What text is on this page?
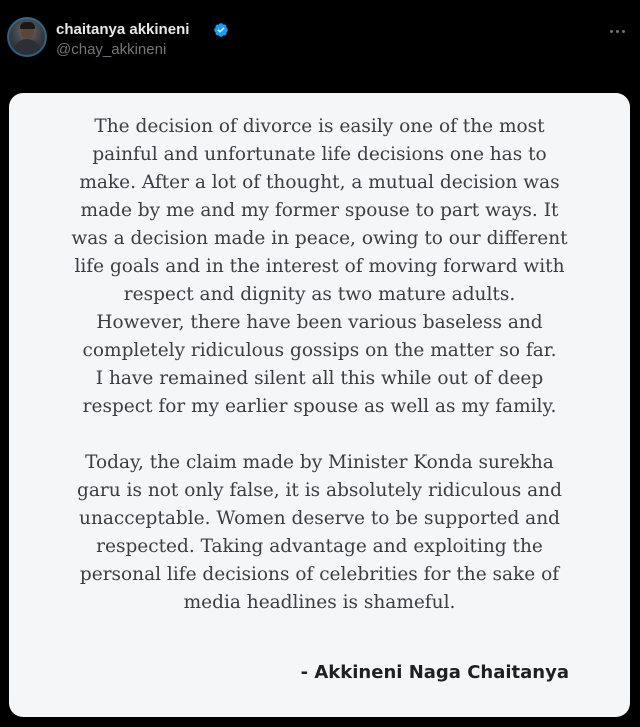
chaitanya akkineni
@chay_akkineni
The decision of divorce is easily one of the most
painful and unfortunate life decisions one has to
make. After a lot of thought, a mutual decision was
made by me and my former spouse to part ways. It
was a decision made in peace, owing to our different
life goals and in the interest of moving forward with
respect and dignity as two mature adults.
However, there have been various baseless and
completely ridiculous gossips on the matter so far.
I have remained silent all this while out of deep
respect for my earlier spouse as well as my family.
Today, the claim made by Minister Konda surekha
garu is not only false, it is absolutely ridiculous and
unacceptable. Women deserve to be supported and
respected. Taking advantage and exploiting the
personal life decisions of celebrities for the sake of
media headlines is shameful.
- Akkineni Naga Chaitanya
